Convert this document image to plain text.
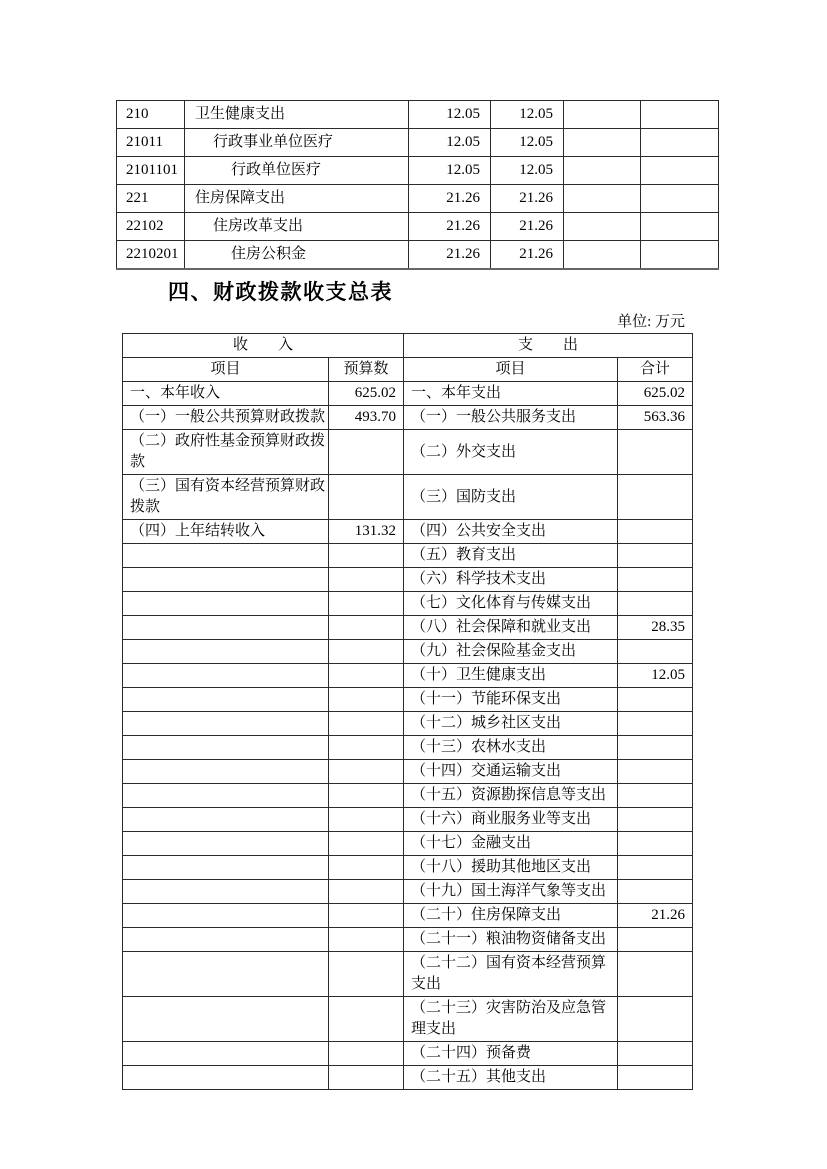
210	卫生健康支出	12.05	12.05		
21011	行政事业单位医疗	12.05	12.05		
2101101	行政单位医疗	12.05	12.05		
221	住房保障支出	21.26	21.26		
22102	住房改革支出	21.26	21.26		
2210201	住房公积金	21.26	21.26		
四、财政拨款收支总表
单位: 万元
收　　入		支　　出	
项目	预算数	项目	合计
一、本年收入	625.02	一、本年支出	625.02
（一）一般公共预算财政拨款	493.70	（一）一般公共服务支出	563.36
（二）政府性基金预算财政拨款		（二）外交支出	
（三）国有资本经营预算财政拨款		（三）国防支出	
（四）上年结转收入	131.32	（四）公共安全支出	
		（五）教育支出	
		（六）科学技术支出	
		（七）文化体育与传媒支出	
		（八）社会保障和就业支出	28.35
		（九）社会保险基金支出	
		（十）卫生健康支出	12.05
		（十一）节能环保支出	
		（十二）城乡社区支出	
		（十三）农林水支出	
		（十四）交通运输支出	
		（十五）资源勘探信息等支出	
		（十六）商业服务业等支出	
		（十七）金融支出	
		（十八）援助其他地区支出	
		（十九）国土海洋气象等支出	
		（二十）住房保障支出	21.26
		（二十一）粮油物资储备支出	
		（二十二）国有资本经营预算支出	
		（二十三）灾害防治及应急管理支出	
		（二十四）预备费	
		（二十五）其他支出	
